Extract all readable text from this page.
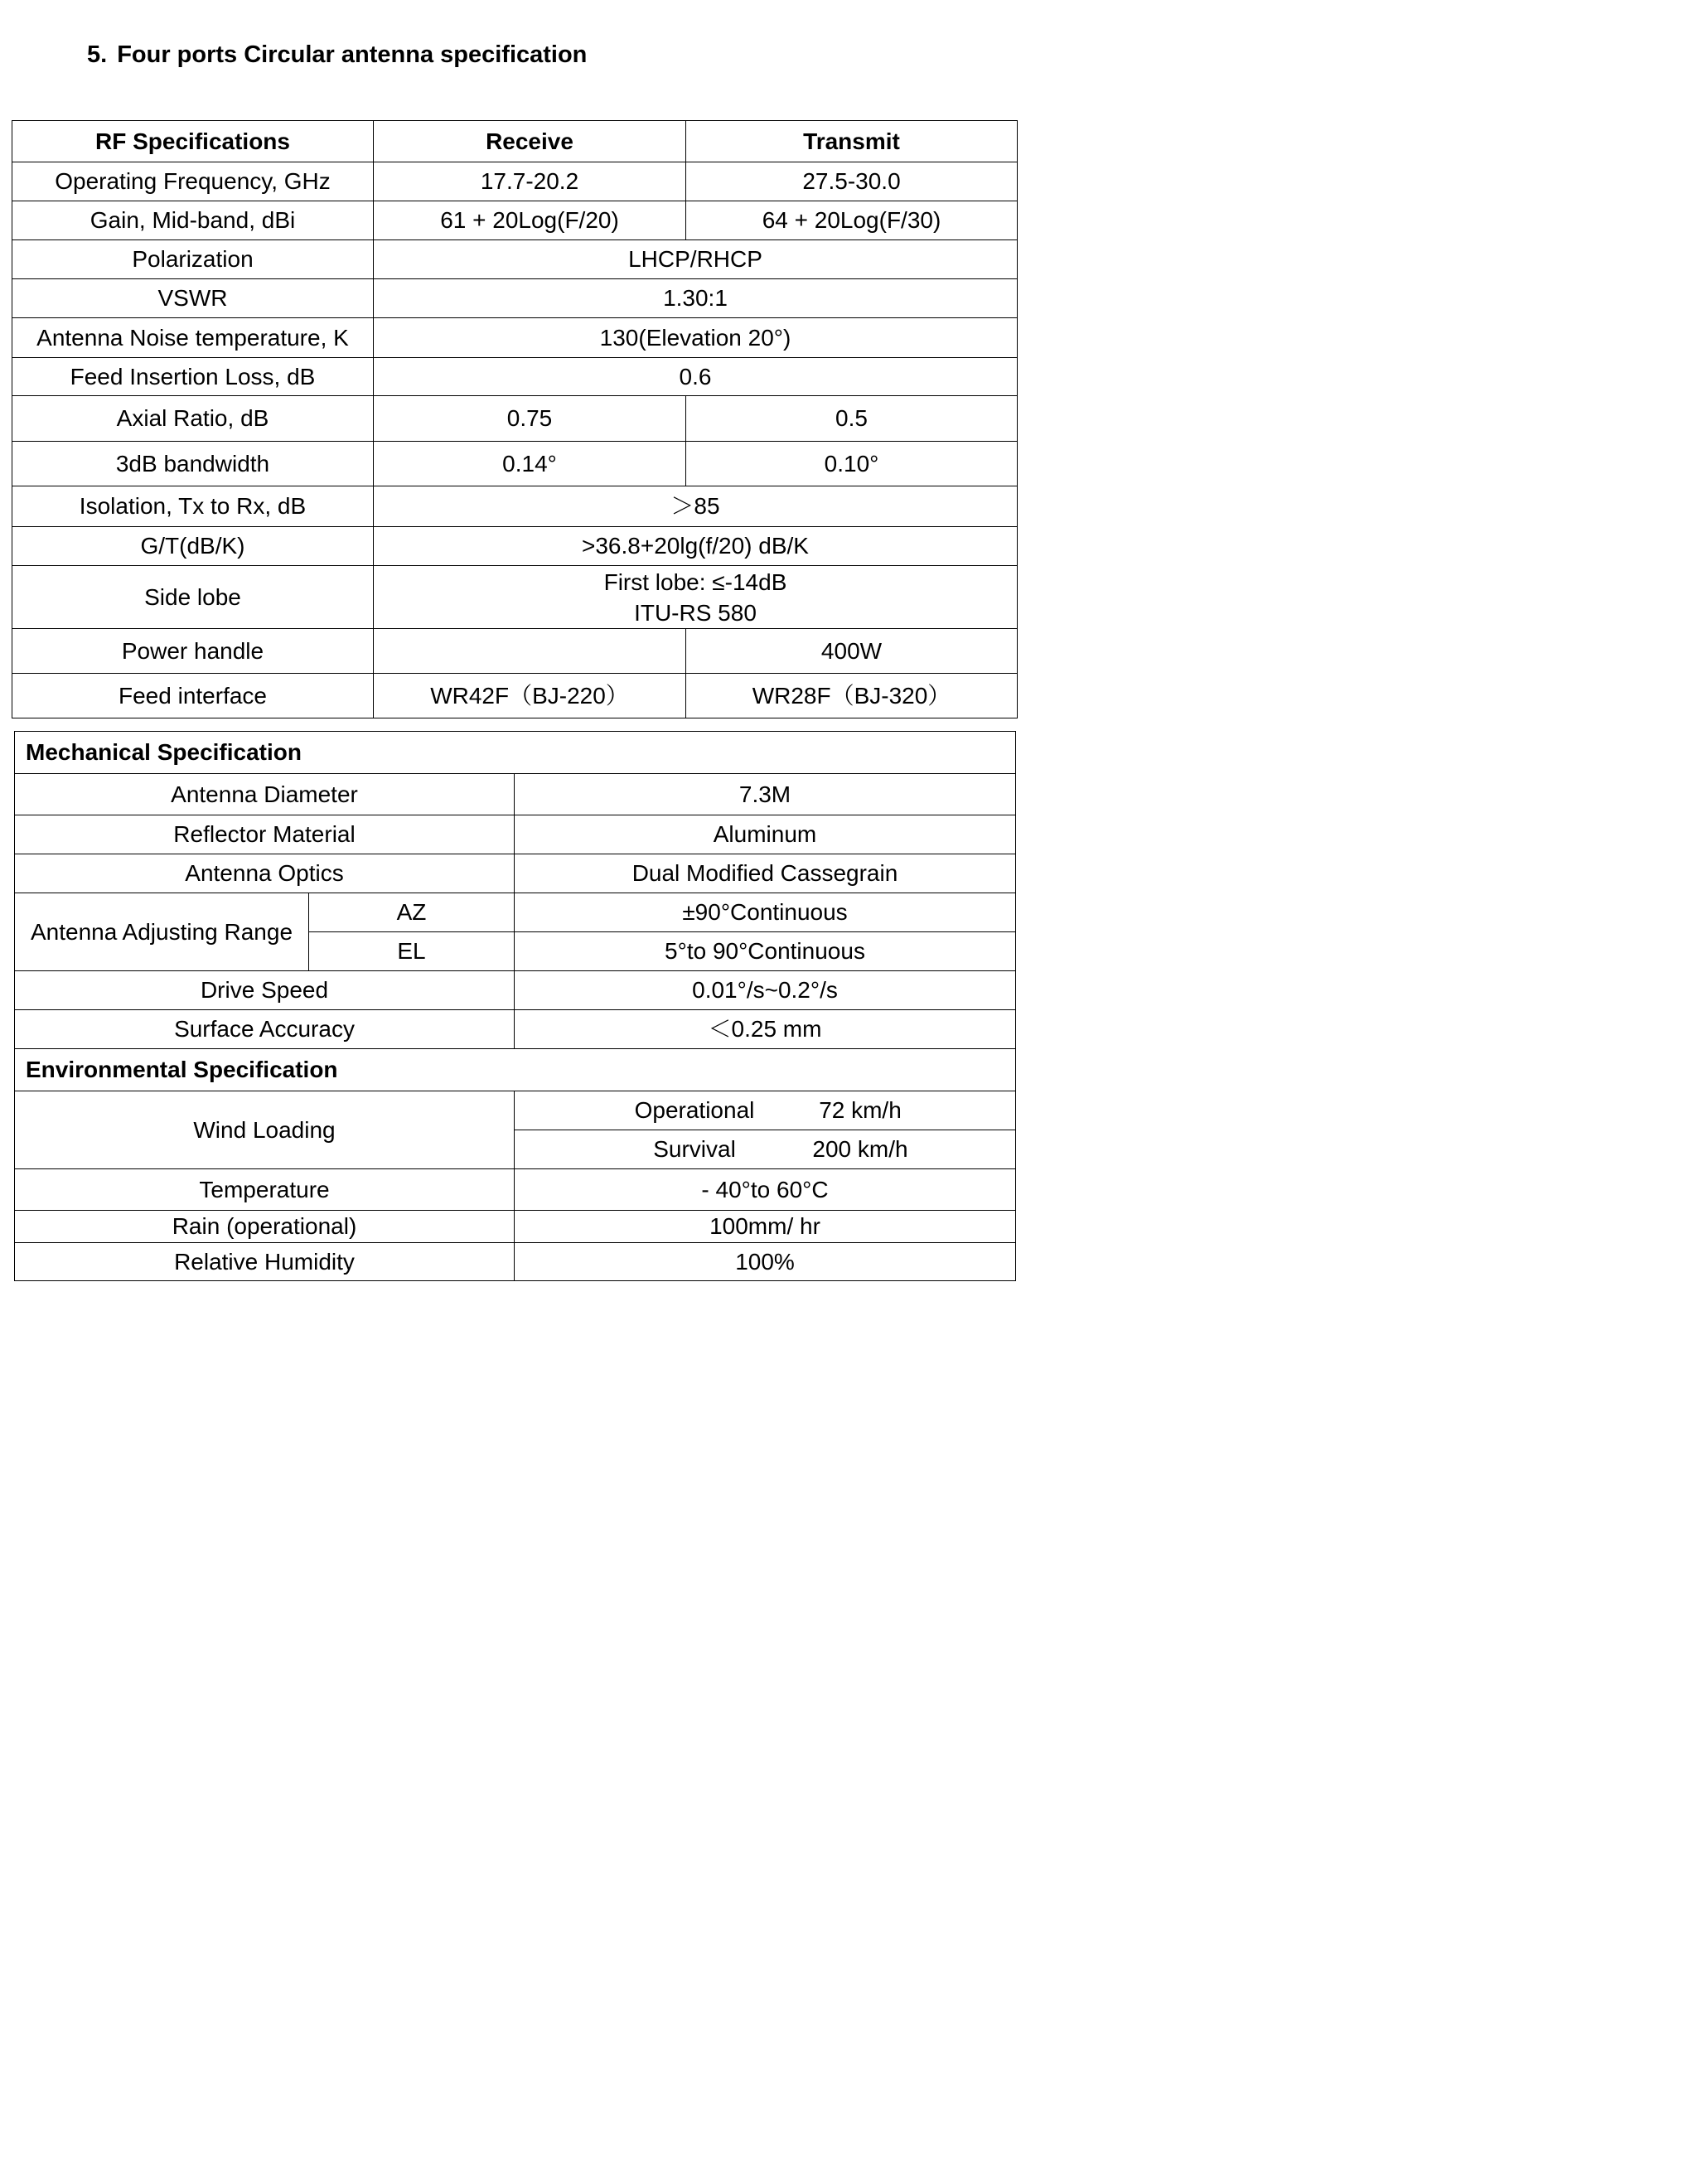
5. Four ports Circular antenna specification
RF Specifications	Receive	Transmit
Operating Frequency, GHz	17.7-20.2	27.5-30.0
Gain, Mid-band, dBi	61 + 20Log(F/20)	64 + 20Log(F/30)
Polarization	LHCP/RHCP	
VSWR	1.30:1	
Antenna Noise temperature, K	130(Elevation 20°)	
Feed Insertion Loss, dB	0.6	
Axial Ratio, dB	0.75	0.5
3dB bandwidth	0.14°	0.10°
Isolation, Tx to Rx, dB	＞85	
G/T(dB/K)	>36.8+20lg(f/20) dB/K	
Side lobe	First lobe: ≤-14dB
ITU-RS 580	

Power handle		400W
Feed interface	WR42F（BJ-220）	WR28F（BJ-320）
Mechanical Specification		
Antenna Diameter		7.3M
Reflector Material		Aluminum
Antenna Optics		Dual Modified Cassegrain
Antenna Adjusting Range	AZ	±90°Continuous
	EL	5°to 90°Continuous
Drive Speed		0.01°/s~0.2°/s
Surface Accuracy		＜0.25 mm
Environmental Specification		
Wind Loading		Operational 72 km/h

		Survival 200 km/h

Temperature		- 40°to 60°C
Rain (operational)		100mm/ hr
Relative Humidity		100%
